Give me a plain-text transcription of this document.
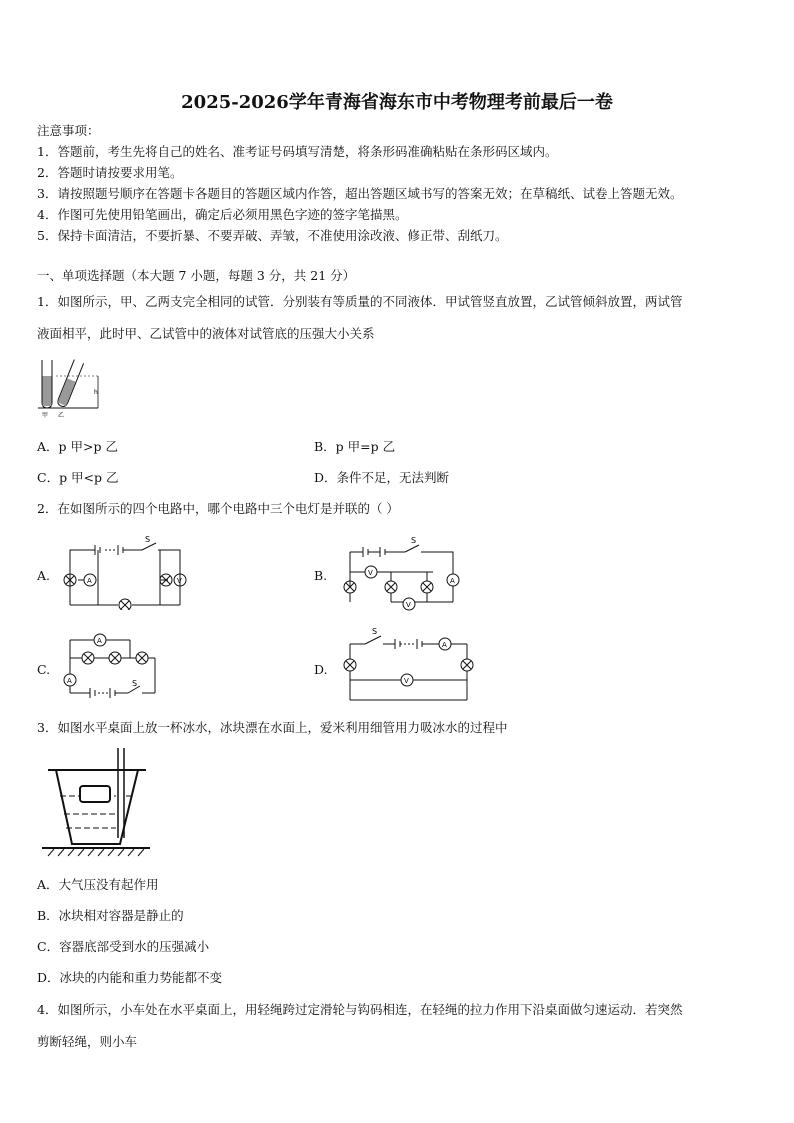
2025-2026学年青海省海东市中考物理考前最后一卷
注意事项：
1．答题前，考生先将自己的姓名、准考证号码填写清楚，将条形码准确粘贴在条形码区域内。
2．答题时请按要求用笔。
3．请按照题号顺序在答题卡各题目的答题区域内作答，超出答题区域书写的答案无效；在草稿纸、试卷上答题无效。
4．作图可先使用铅笔画出，确定后必须用黑色字迹的签字笔描黑。
5．保持卡面清洁，不要折暴、不要弄破、弄皱，不准使用涂改液、修正带、刮纸刀。
一、单项选择题（本大题 7 小题，每题 3 分，共 21 分）
1．如图所示，甲、乙两支完全相同的试管．分别装有等质量的不同液体．甲试管竖直放置，乙试管倾斜放置，两试管
液面相平，此时甲、乙试管中的液体对试管底的压强大小关系
h
甲 乙
A．p 甲>p 乙	B．p 甲=p 乙
C．p 甲<p 乙	D．条件不足，无法判断
2．在如图所示的四个电路中，哪个电路中三个电灯是并联的（ ）
A.
S
A	V	B.
S
V
A
V
C.
A
A	S
D.
S
A
V
3．如图水平桌面上放一杯冰水，冰块漂在水面上，爱米利用细管用力吸冰水的过程中
A．大气压没有起作用
B．冰块相对容器是静止的
C．容器底部受到水的压强减小
D．冰块的内能和重力势能都不变
4．如图所示，小车处在水平桌面上，用轻绳跨过定滑轮与钩码相连，在轻绳的拉力作用下沿桌面做匀速运动．若突然
剪断轻绳，则小车
